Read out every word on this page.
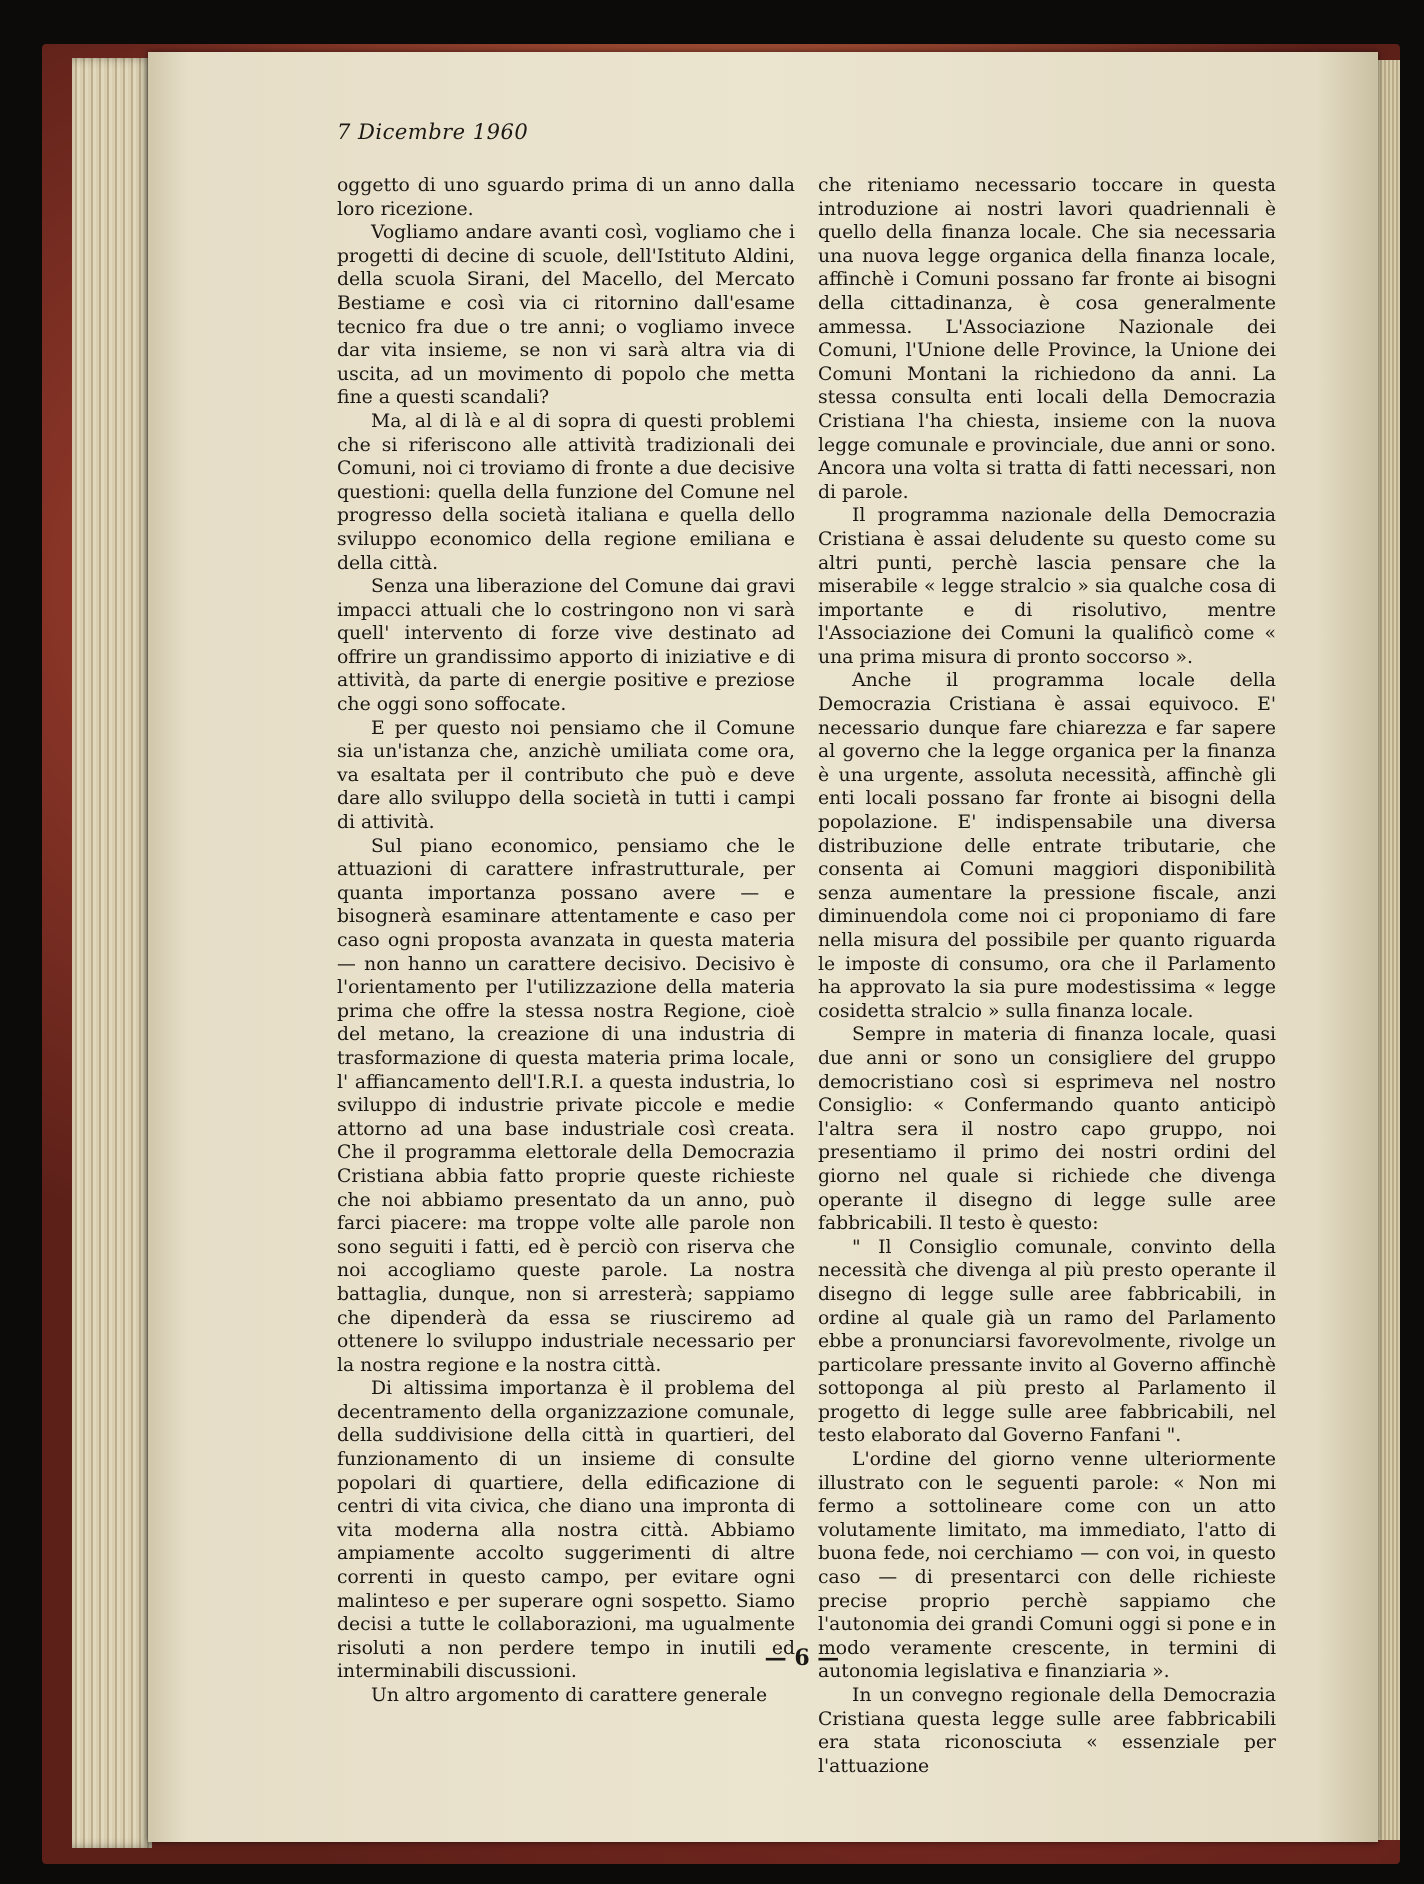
7 Dicembre 1960

oggetto di uno sguardo prima di un anno dalla loro ricezione.

Vogliamo andare avanti così, vogliamo che i progetti di decine di scuole, dell'Istituto Aldini, della scuola Sirani, del Macello, del Mercato Bestiame e così via ci ritornino dall'esame tecnico fra due o tre anni; o vogliamo invece dar vita insieme, se non vi sarà altra via di uscita, ad un movimento di popolo che metta fine a questi scandali?

Ma, al di là e al di sopra di questi problemi che si riferiscono alle attività tradizionali dei Comuni, noi ci troviamo di fronte a due decisive questioni: quella della funzione del Comune nel progresso della società italiana e quella dello sviluppo economico della regione emiliana e della città.

Senza una liberazione del Comune dai gravi impacci attuali che lo costringono non vi sarà quell' intervento di forze vive destinato ad offrire un grandissimo apporto di iniziative e di attività, da parte di energie positive e preziose che oggi sono soffocate.

E per questo noi pensiamo che il Comune sia un'istanza che, anzichè umiliata come ora, va esaltata per il contributo che può e deve dare allo sviluppo della società in tutti i campi di attività.

Sul piano economico, pensiamo che le attuazioni di carattere infrastrutturale, per quanta importanza possano avere — e bisognerà esaminare attentamente e caso per caso ogni proposta avanzata in questa materia — non hanno un carattere decisivo. Decisivo è l'orientamento per l'utilizzazione della materia prima che offre la stessa nostra Regione, cioè del metano, la creazione di una industria di trasformazione di questa materia prima locale, l' affiancamento dell'I.R.I. a questa industria, lo sviluppo di industrie private piccole e medie attorno ad una base industriale così creata. Che il programma elettorale della Democrazia Cristiana abbia fatto proprie queste richieste che noi abbiamo presentato da un anno, può farci piacere: ma troppe volte alle parole non sono seguiti i fatti, ed è perciò con riserva che noi accogliamo queste parole. La nostra battaglia, dunque, non si arresterà; sappiamo che dipenderà da essa se riusciremo ad ottenere lo sviluppo industriale necessario per la nostra regione e la nostra città.

Di altissima importanza è il problema del decentramento della organizzazione comunale, della suddivisione della città in quartieri, del funzionamento di un insieme di consulte popolari di quartiere, della edificazione di centri di vita civica, che diano una impronta di vita moderna alla nostra città. Abbiamo ampiamente accolto suggerimenti di altre correnti in questo campo, per evitare ogni malinteso e per superare ogni sospetto. Siamo decisi a tutte le collaborazioni, ma ugualmente risoluti a non perdere tempo in inutili ed interminabili discussioni.

Un altro argomento di carattere generale

che riteniamo necessario toccare in questa introduzione ai nostri lavori quadriennali è quello della finanza locale. Che sia necessaria una nuova legge organica della finanza locale, affinchè i Comuni possano far fronte ai bisogni della cittadinanza, è cosa generalmente ammessa. L'Associazione Nazionale dei Comuni, l'Unione delle Province, la Unione dei Comuni Montani la richiedono da anni. La stessa consulta enti locali della Democrazia Cristiana l'ha chiesta, insieme con la nuova legge comunale e provinciale, due anni or sono. Ancora una volta si tratta di fatti necessari, non di parole.

Il programma nazionale della Democrazia Cristiana è assai deludente su questo come su altri punti, perchè lascia pensare che la miserabile « legge stralcio » sia qualche cosa di importante e di risolutivo, mentre l'Associazione dei Comuni la qualificò come « una prima misura di pronto soccorso ».

Anche il programma locale della Democrazia Cristiana è assai equivoco. E' necessario dunque fare chiarezza e far sapere al governo che la legge organica per la finanza è una urgente, assoluta necessità, affinchè gli enti locali possano far fronte ai bisogni della popolazione. E' indispensabile una diversa distribuzione delle entrate tributarie, che consenta ai Comuni maggiori disponibilità senza aumentare la pressione fiscale, anzi diminuendola come noi ci proponiamo di fare nella misura del possibile per quanto riguarda le imposte di consumo, ora che il Parlamento ha approvato la sia pure modestissima « legge cosidetta stralcio » sulla finanza locale.

Sempre in materia di finanza locale, quasi due anni or sono un consigliere del gruppo democristiano così si esprimeva nel nostro Consiglio: « Confermando quanto anticipò l'altra sera il nostro capo gruppo, noi presentiamo il primo dei nostri ordini del giorno nel quale si richiede che divenga operante il disegno di legge sulle aree fabbricabili. Il testo è questo:

" Il Consiglio comunale, convinto della necessità che divenga al più presto operante il disegno di legge sulle aree fabbricabili, in ordine al quale già un ramo del Parlamento ebbe a pronunciarsi favorevolmente, rivolge un particolare pressante invito al Governo affinchè sottoponga al più presto al Parlamento il progetto di legge sulle aree fabbricabili, nel testo elaborato dal Governo Fanfani ".

L'ordine del giorno venne ulteriormente illustrato con le seguenti parole: « Non mi fermo a sottolineare come con un atto volutamente limitato, ma immediato, l'atto di buona fede, noi cerchiamo — con voi, in questo caso — di presentarci con delle richieste precise proprio perchè sappiamo che l'autonomia dei grandi Comuni oggi si pone e in modo veramente crescente, in termini di autonomia legislativa e finanziaria ».

In un convegno regionale della Democrazia Cristiana questa legge sulle aree fabbricabili era stata riconosciuta « essenziale per l'attuazione

— 6 —
